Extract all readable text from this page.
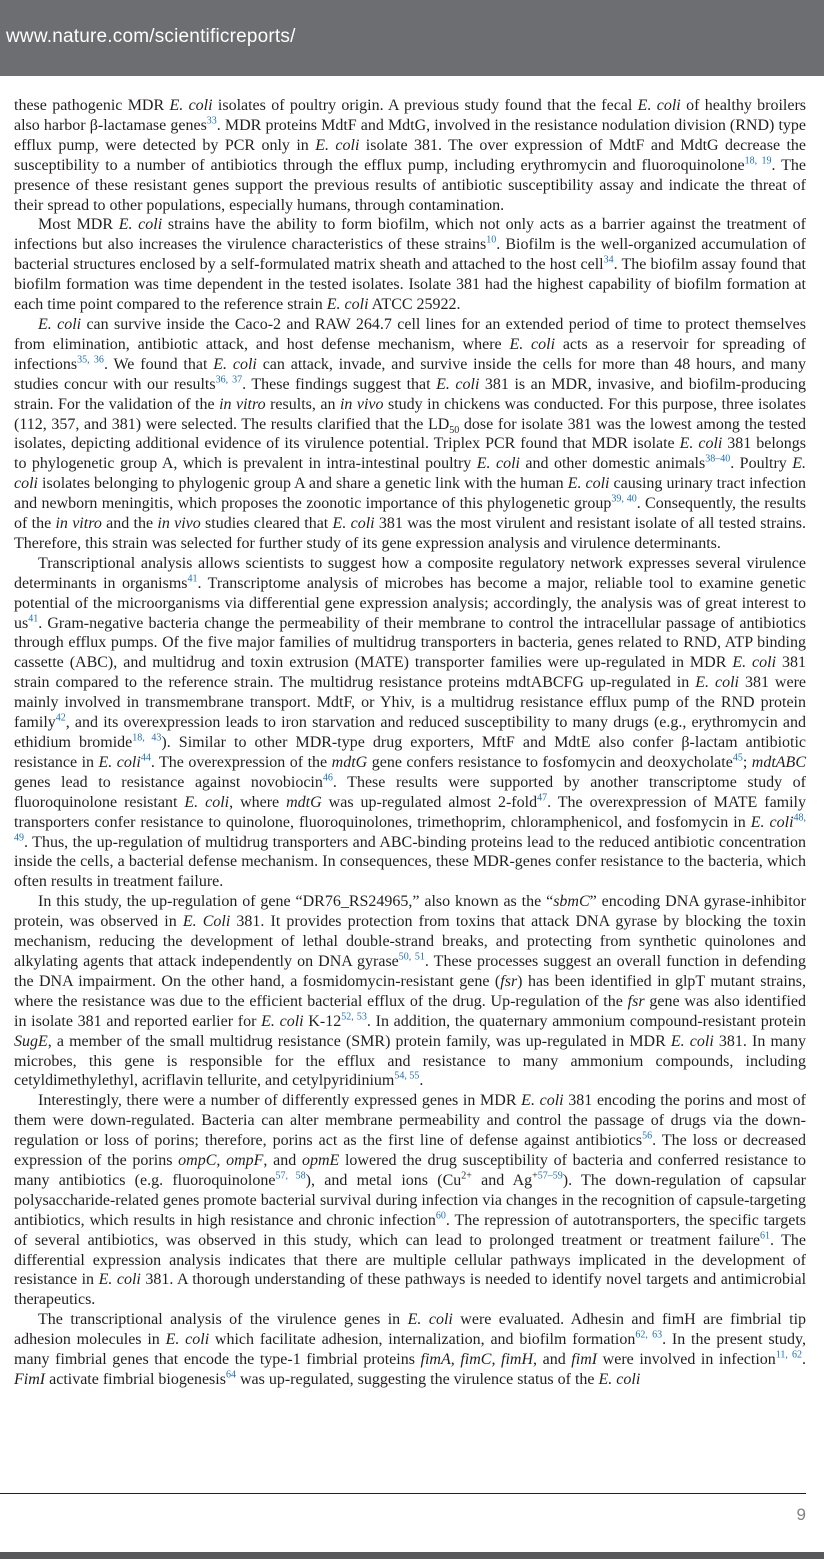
www.nature.com/scientificreports/

these pathogenic MDR E. coli isolates of poultry origin. A previous study found that the fecal E. coli of healthy broilers also harbor β-lactamase genes$^{33}$. MDR proteins MdtF and MdtG, involved in the resistance nodulation division (RND) type efflux pump, were detected by PCR only in E. coli isolate 381. The over expression of MdtF and MdtG decrease the susceptibility to a number of antibiotics through the efflux pump, including erythromycin and fluoroquinolone$^{18, 19}$. The presence of these resistant genes support the previous results of antibiotic susceptibility assay and indicate the threat of their spread to other populations, especially humans, through contamination.

Most MDR E. coli strains have the ability to form biofilm, which not only acts as a barrier against the treatment of infections but also increases the virulence characteristics of these strains$^{10}$. Biofilm is the well-organized accumulation of bacterial structures enclosed by a self-formulated matrix sheath and attached to the host cell$^{34}$. The biofilm assay found that biofilm formation was time dependent in the tested isolates. Isolate 381 had the highest capability of biofilm formation at each time point compared to the reference strain E. coli ATCC 25922.

E. coli can survive inside the Caco-2 and RAW 264.7 cell lines for an extended period of time to protect themselves from elimination, antibiotic attack, and host defense mechanism, where E. coli acts as a reservoir for spreading of infections$^{35, 36}$. We found that E. coli can attack, invade, and survive inside the cells for more than 48 hours, and many studies concur with our results$^{36, 37}$. These findings suggest that E. coli 381 is an MDR, invasive, and biofilm-producing strain. For the validation of the in vitro results, an in vivo study in chickens was conducted. For this purpose, three isolates (112, 357, and 381) were selected. The results clarified that the $LD_{50}$ dose for isolate 381 was the lowest among the tested isolates, depicting additional evidence of its virulence potential. Triplex PCR found that MDR isolate E. coli 381 belongs to phylogenetic group A, which is prevalent in intra-intestinal poultry E. coli and other domestic animals$^{38-40}$. Poultry E. coli isolates belonging to phylogenic group A and share a genetic link with the human E. coli causing urinary tract infection and newborn meningitis, which proposes the zoonotic importance of this phylogenetic group$^{39, 40}$. Consequently, the results of the in vitro and the in vivo studies cleared that E. coli 381 was the most virulent and resistant isolate of all tested strains. Therefore, this strain was selected for further study of its gene expression analysis and virulence determinants.

Transcriptional analysis allows scientists to suggest how a composite regulatory network expresses several virulence determinants in organisms$^{41}$. Transcriptome analysis of microbes has become a major, reliable tool to examine genetic potential of the microorganisms via differential gene expression analysis; accordingly, the analysis was of great interest to us$^{41}$. Gram-negative bacteria change the permeability of their membrane to control the intracellular passage of antibiotics through efflux pumps. Of the five major families of multidrug transporters in bacteria, genes related to RND, ATP binding cassette (ABC), and multidrug and toxin extrusion (MATE) transporter families were up-regulated in MDR E. coli 381 strain compared to the reference strain. The multidrug resistance proteins mdtABCFG up-regulated in E. coli 381 were mainly involved in transmembrane transport. MdtF, or Yhiv, is a multidrug resistance efflux pump of the RND protein family$^{42}$, and its overexpression leads to iron starvation and reduced susceptibility to many drugs (e.g., erythromycin and ethidium bromide$^{18, 43}$). Similar to other MDR-type drug exporters, MftF and MdtE also confer β-lactam antibiotic resistance in E. coli$^{44}$. The overexpression of the mdtG gene confers resistance to fosfomycin and deoxycholate$^{45}$; mdtABC genes lead to resistance against novobiocin$^{46}$. These results were supported by another transcriptome study of fluoroquinolone resistant E. coli, where mdtG was up-regulated almost 2-fold$^{47}$. The overexpression of MATE family transporters confer resistance to quinolone, fluoroquinolones, trimethoprim, chloramphenicol, and fosfomycin in E. coli$^{48, 49}$. Thus, the up-regulation of multidrug transporters and ABC-binding proteins lead to the reduced antibiotic concentration inside the cells, a bacterial defense mechanism. In consequences, these MDR-genes confer resistance to the bacteria, which often results in treatment failure.

In this study, the up-regulation of gene “DR76_RS24965,” also known as the “sbmC” encoding DNA gyrase-inhibitor protein, was observed in E. Coli 381. It provides protection from toxins that attack DNA gyrase by blocking the toxin mechanism, reducing the development of lethal double-strand breaks, and protecting from synthetic quinolones and alkylating agents that attack independently on DNA gyrase$^{50, 51}$. These processes suggest an overall function in defending the DNA impairment. On the other hand, a fosmidomycin-resistant gene (fsr) has been identified in glpT mutant strains, where the resistance was due to the efficient bacterial efflux of the drug. Up-regulation of the fsr gene was also identified in isolate 381 and reported earlier for E. coli K-12$^{52, 53}$. In addition, the quaternary ammonium compound-resistant protein SugE, a member of the small multidrug resistance (SMR) protein family, was up-regulated in MDR E. coli 381. In many microbes, this gene is responsible for the efflux and resistance to many ammonium compounds, including cetyldimethylethyl, acriflavin tellurite, and cetylpyridinium$^{54, 55}$.

Interestingly, there were a number of differently expressed genes in MDR E. coli 381 encoding the porins and most of them were down-regulated. Bacteria can alter membrane permeability and control the passage of drugs via the down-regulation or loss of porins; therefore, porins act as the first line of defense against antibiotics$^{56}$. The loss or decreased expression of the porins ompC, ompF, and opmE lowered the drug susceptibility of bacteria and conferred resistance to many antibiotics (e.g. fluoroquinolone$^{57, 58}$), and metal ions ($Cu^{2+}$ and $Ag^{+57-59}$). The down-regulation of capsular polysaccharide-related genes promote bacterial survival during infection via changes in the recognition of capsule-targeting antibiotics, which results in high resistance and chronic infection$^{60}$. The repression of autotransporters, the specific targets of several antibiotics, was observed in this study, which can lead to prolonged treatment or treatment failure$^{61}$. The differential expression analysis indicates that there are multiple cellular pathways implicated in the development of resistance in E. coli 381. A thorough understanding of these pathways is needed to identify novel targets and antimicrobial therapeutics.

The transcriptional analysis of the virulence genes in E. coli were evaluated. Adhesin and fimH are fimbrial tip adhesion molecules in E. coli which facilitate adhesion, internalization, and biofilm formation$^{62, 63}$. In the present study, many fimbrial genes that encode the type-1 fimbrial proteins fimA, fimC, fimH, and fimI were involved in infection$^{11, 62}$. FimI activate fimbrial biogenesis$^{64}$ was up-regulated, suggesting the virulence status of the E. coli

9
